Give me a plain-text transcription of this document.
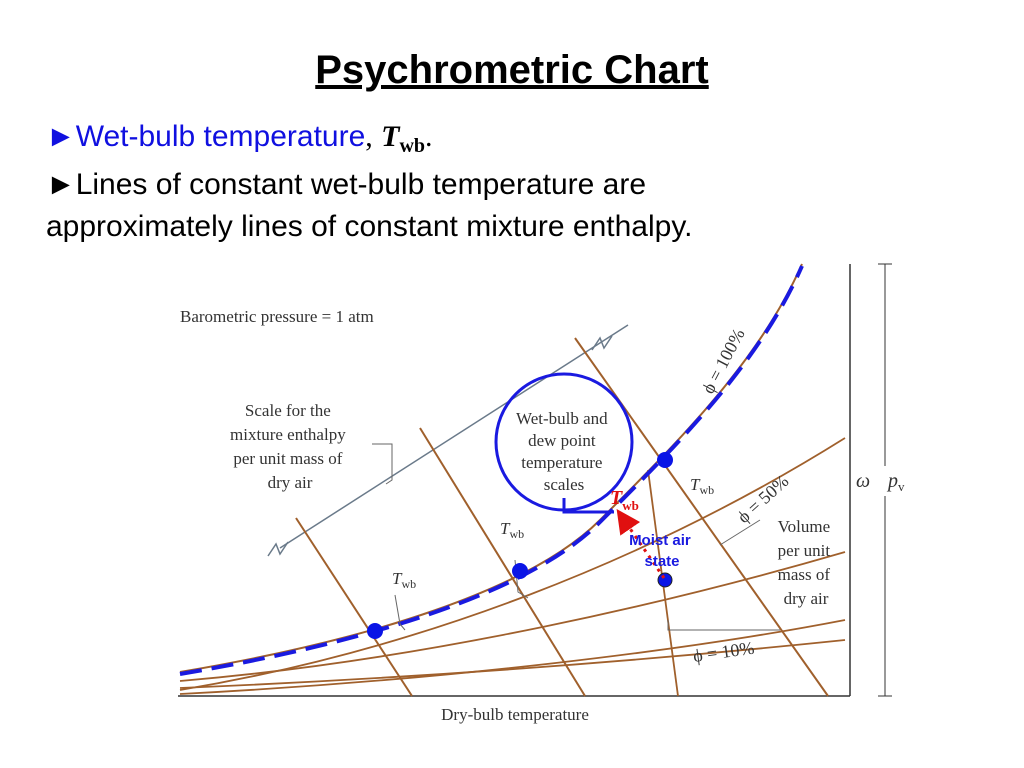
Psychrometric Chart
►Wet-bulb temperature, $T_{wb}$.
►Lines of constant wet-bulb temperature are
approximately lines of constant mixture enthalpy.
Barometric pressure = 1 atm
Scale for the mixture enthalpy per unit mass of dry air
Wet-bulb and dew point temperature scales
$T_{wb}$
$T_{wb}$
$T_{wb}$
$T_{wb}$
Moist air state
ϕ = 100%
ϕ = 50%
ϕ = 10%
Volume per unit mass of dry air
ω $p_v$
Dry-bulb temperature
